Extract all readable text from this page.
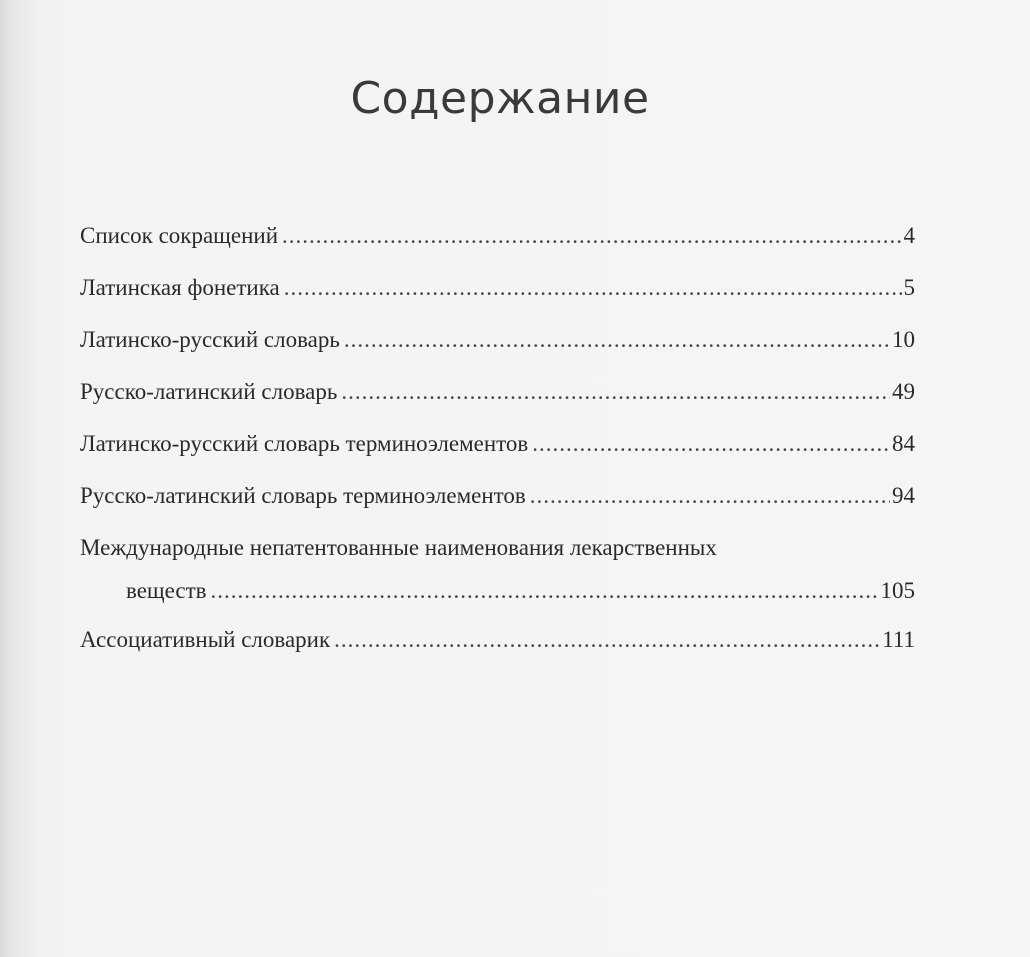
Содержание
Список сокращений .....	4
Латинская фонетика .....	5
Латинско-русский словарь .....	10
Русско-латинский словарь .....	49
Латинско-русский словарь терминоэлементов .....	84
Русско-латинский словарь терминоэлементов .....	94
Международные непатентованные наименования лекарственных
веществ .....	105
Ассоциативный словарик .....	111
